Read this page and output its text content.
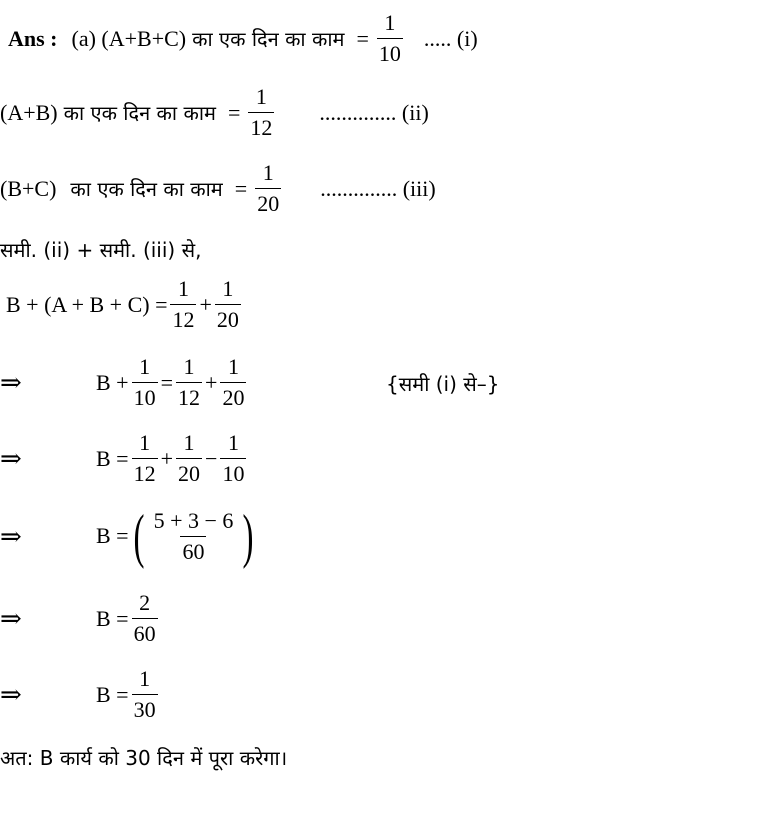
Ans : (a) (A+B+C) का एक दिन का काम = $\frac{1}{10}$ ..... (i)
(A+B) का एक दिन का काम = $\frac{1}{12}$ .............. (ii)
(B+C) का एक दिन का काम = $\frac{1}{20}$ .............. (iii)
समी. (ii) + समी. (iii) से,
$B + (A + B + C) = \frac{1}{12} + \frac{1}{20}$
⇒	$B + \frac{1}{10} = \frac{1}{12} + \frac{1}{20}$	{समी (i) से–}
⇒	$B = \frac{1}{12} + \frac{1}{20} - \frac{1}{10}$
⇒	B = ( $\frac{5 + 3 - 6}{60}$ )
⇒	$B = \frac{2}{60}$
⇒	$B = \frac{1}{30}$
अत: B कार्य को 30 दिन में पूरा करेगा।
